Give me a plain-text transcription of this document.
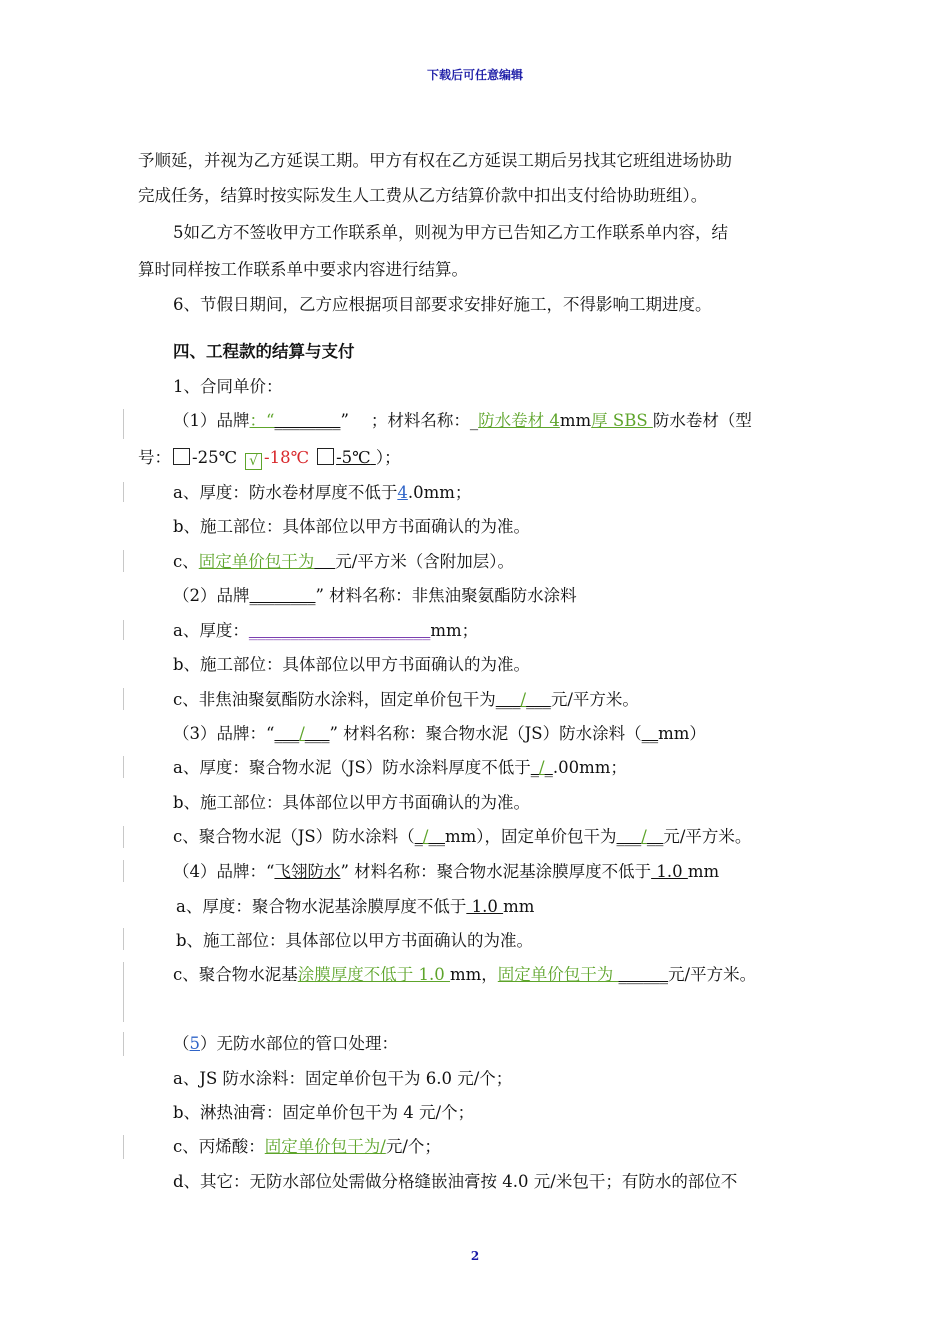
下载后可任意编辑
予顺延，并视为乙方延误工期。甲方有权在乙方延误工期后另找其它班组进场协助
完成任务，结算时按实际发生人工费从乙方结算价款中扣出支付给协助班组）。
5如乙方不签收甲方工作联系单，则视为甲方已告知乙方工作联系单内容，结
算时同样按工作联系单中要求内容进行结算。
6、节假日期间，乙方应根据项目部要求安排好施工，不得影响工期进度。
四、工程款的结算与支付
1、合同单价：
（1）品牌：“________” ；材料名称：_防水卷材 4mm厚 SBS 防水卷材（型
号： -25℃ √ -18℃ -5℃ ）；
a、厚度：防水卷材厚度不低于4.0mm；
b、施工部位：具体部位以甲方书面确认的为准。
c、固定单价包干为 元/平方米（含附加层）。
（2）品牌________” 材料名称：非焦油聚氨酯防水涂料
a、厚度：______________________mm；
b、施工部位：具体部位以甲方书面确认的为准。
c、非焦油聚氨酯防水涂料，固定单价包干为___/___元/平方米。
（3）品牌：“___/___” 材料名称：聚合物水泥（JS）防水涂料（__mm）
a、厚度：聚合物水泥（JS）防水涂料厚度不低于_/_.00mm；
b、施工部位：具体部位以甲方书面确认的为准。
c、聚合物水泥（JS）防水涂料（_/__mm），固定单价包干为___/__元/平方米。
（4）品牌：“飞翎防水” 材料名称：聚合物水泥基涂膜厚度不低于 1.0 mm
a、厚度：聚合物水泥基涂膜厚度不低于 1.0 mm
b、施工部位：具体部位以甲方书面确认的为准。
c、聚合物水泥基涂膜厚度不低于 1.0 mm，固定单价包干为 ______元/平方米。
（5）无防水部位的管口处理：
a、JS 防水涂料：固定单价包干为 6.0 元/个；
b、淋热油膏：固定单价包干为 4 元/个；
c、丙烯酸：固定单价包干为/元/个；
d、其它：无防水部位处需做分格缝嵌油膏按 4.0 元/米包干；有防水的部位不
2
